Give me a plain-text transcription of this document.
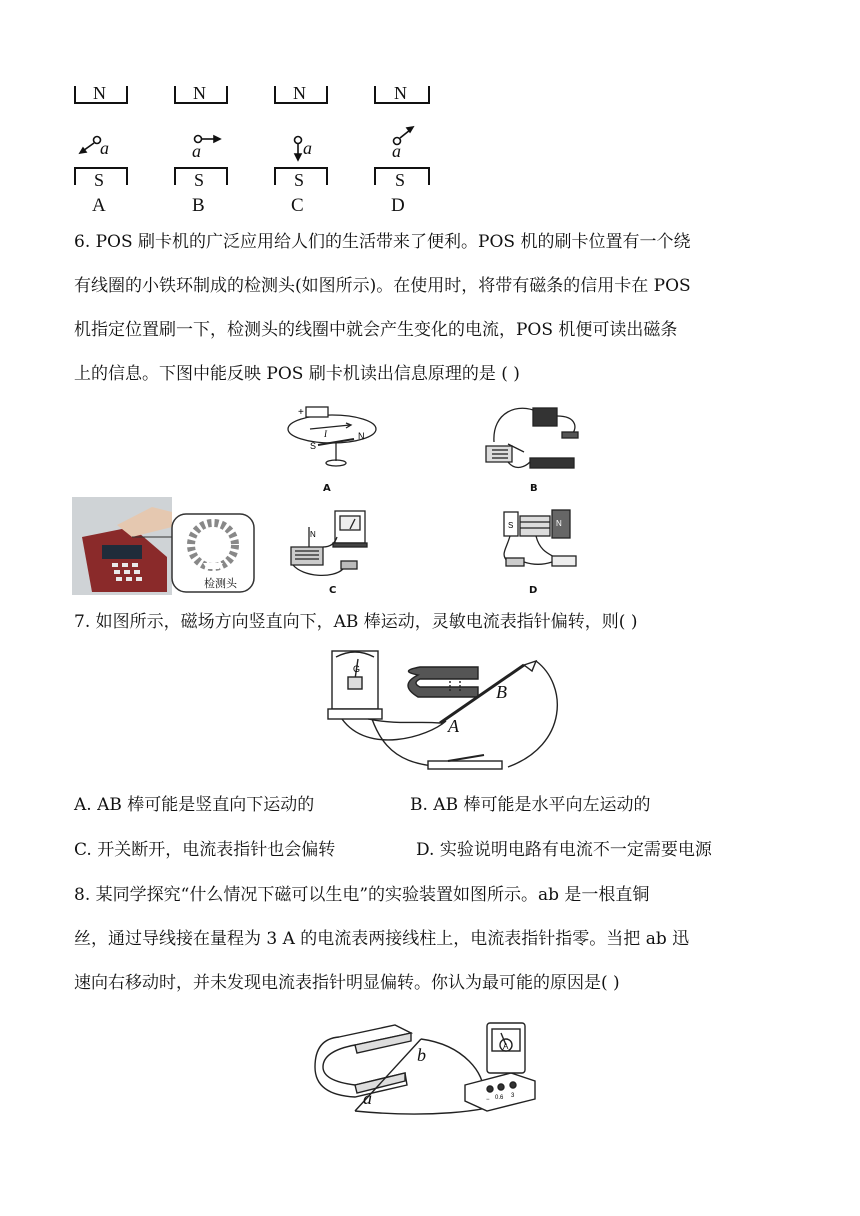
N	N	N	N
a	a	a	a
S	S	S	S
A	B	C	D
6. POS 刷卡机的广泛应用给人们的生活带来了便利。POS 机的刷卡位置有一个绕
有线圈的小铁环制成的检测头(如图所示)。在使用时，将带有磁条的信用卡在 POS
机指定位置刷一下，检测头的线圈中就会产生变化的电流，POS 机便可读出磁条
上的信息。下图中能反映 POS 刷卡机读出信息原理的是 ( )
检测头
+
S
N
I
A	B
N
C
S	N
D
7. 如图所示，磁场方向竖直向下，AB 棒运动，灵敏电流表指针偏转，则( )
G
A
B
A. AB 棒可能是竖直向下运动的	B. AB 棒可能是水平向左运动的
C. 开关断开，电流表指针也会偏转	D. 实验说明电路有电流不一定需要电源
8. 某同学探究“什么情况下磁可以生电”的实验装置如图所示。ab 是一根直铜
丝，通过导线接在量程为 3 A 的电流表两接线柱上，电流表指针指零。当把 ab 迅
速向右移动时，并未发现电流表指针明显偏转。你认为最可能的原因是( )
A
− 0.6 3
b
a
